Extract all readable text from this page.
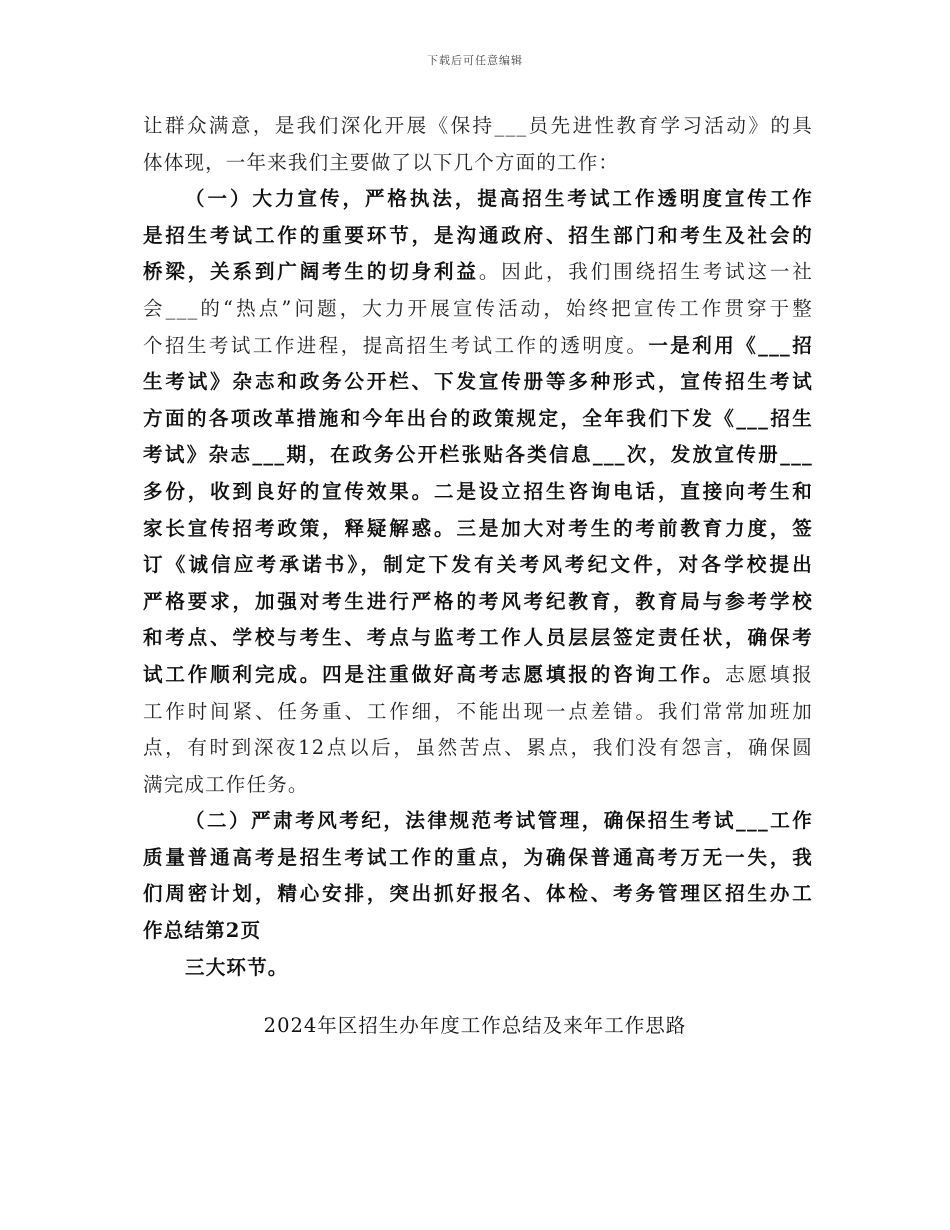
下载后可任意编辑
让群众满意，是我们深化开展《保持___员先进性教育学习活动》的具
体体现，一年来我们主要做了以下几个方面的工作：
（一）大力宣传，严格执法，提高招生考试工作透明度宣传工作
是招生考试工作的重要环节，是沟通政府、招生部门和考生及社会的
桥梁，关系到广阔考生的切身利益。因此，我们围绕招生考试这一社
会___的“热点”问题，大力开展宣传活动，始终把宣传工作贯穿于整
个招生考试工作进程，提高招生考试工作的透明度。一是利用《___招
生考试》杂志和政务公开栏、下发宣传册等多种形式，宣传招生考试
方面的各项改革措施和今年出台的政策规定，全年我们下发《___招生
考试》杂志___期，在政务公开栏张贴各类信息___次，发放宣传册___
多份，收到良好的宣传效果。二是设立招生咨询电话，直接向考生和
家长宣传招考政策，释疑解惑。三是加大对考生的考前教育力度，签
订《诚信应考承诺书》，制定下发有关考风考纪文件，对各学校提出
严格要求，加强对考生进行严格的考风考纪教育，教育局与参考学校
和考点、学校与考生、考点与监考工作人员层层签定责任状，确保考
试工作顺利完成。四是注重做好高考志愿填报的咨询工作。志愿填报
工作时间紧、任务重、工作细，不能出现一点差错。我们常常加班加
点，有时到深夜12点以后，虽然苦点、累点，我们没有怨言，确保圆
满完成工作任务。
（二）严肃考风考纪，法律规范考试管理，确保招生考试___工作
质量普通高考是招生考试工作的重点，为确保普通高考万无一失，我
们周密计划，精心安排，突出抓好报名、体检、考务管理区招生办工
作总结第2页
三大环节。
2024年区招生办年度工作总结及来年工作思路
